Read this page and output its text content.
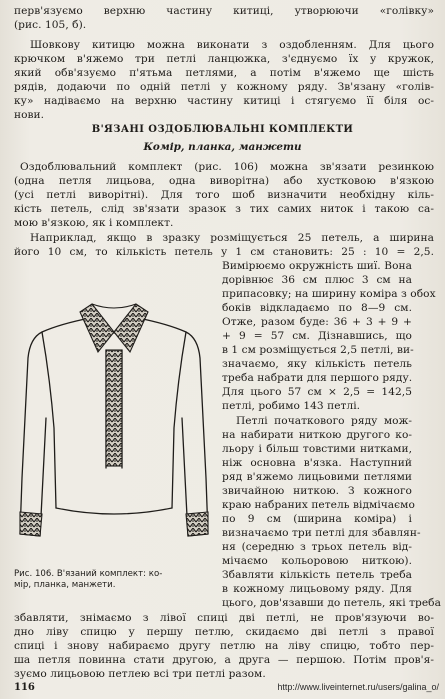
перв'язуємо верхню частину китиці, утворюючи «голівку»
(рис. 105, б).
Шовкову китицю можна виконати з оздобленням. Для цього
крючком в'яжемо три петлі ланцюжка, з'єднуємо їх у кружок,
який обв'язуємо п'ятьма петлями, а потім в'яжемо ще шість
рядів, додаючи по одній петлі у кожному ряду. Зв'язану «голів-
ку» надіваємо на верхню частину китиці і стягуємо її біля ос-
нови.
В'ЯЗАНІ ОЗДОБЛЮВАЛЬНІ КОМПЛЕКТИ
Комір, планка, манжети
Оздоблювальний комплект (рис. 106) можна зв'язати резинкою
(одна петля лицьова, одна виворітна) або хустковою в'язкою
(усі петлі виворітні). Для того шоб визначити необхідну кіль-
кість петель, слід зв'язати зразок з тих самих ниток і такою са-
мою в'язкою, як і комплект.
Наприклад, якщо в зразку розміщується 25 петель, а ширина
його 10 см, то кількість петель у 1 см становить: 25 : 10 = 2,5.
Вимірюємо окружність шиї. Вона
дорівнює 36 см плюс 3 см на
припасовку; на ширину коміра з обох
боків відкладаємо по 8—9 см.
Отже, разом буде: 36 + 3 + 9 +
+ 9 = 57 см. Дізнавшись, що
в 1 см розміщується 2,5 петлі, ви-
значаємо, яку кількість петель
треба набрати для першого ряду.
Для цього 57 см × 2,5 = 142,5
петлі, робимо 143 петлі.
Петлі початкового ряду мож-
на набирати ниткою другого ко-
льору і більш товстими нитками,
ніж основна в'язка. Наступний
ряд в'яжемо лицьовими петлями
звичайною ниткою. З кожного
краю набраних петель відмічаємо
по 9 см (ширина коміра) і
визначаємо три петлі для збавлян-
ня (середню з трьох петель від-
мічаємо кольоровою ниткою).
Збавляти кількість петель треба
в кожному лицьовому ряду. Для
цього, дов'язавши до петель, які треба
збавляти, знімаємо з лівої спиці дві петлі, не пров'язуючи во-
дно ліву спицю у першу петлю, скидаємо дві петлі з правої
спиці і знову набираємо другу петлю на ліву спицю, тобто пер-
ша петля повинна стати другою, а друга — першою. Потім пров'я-
зуємо лицьовою петлею всі три петлі разом.
Рис. 106. В'язаний комплект: ко-
мір, планка, манжети.
116	http://www.liveinternet.ru/users/galina_o/
